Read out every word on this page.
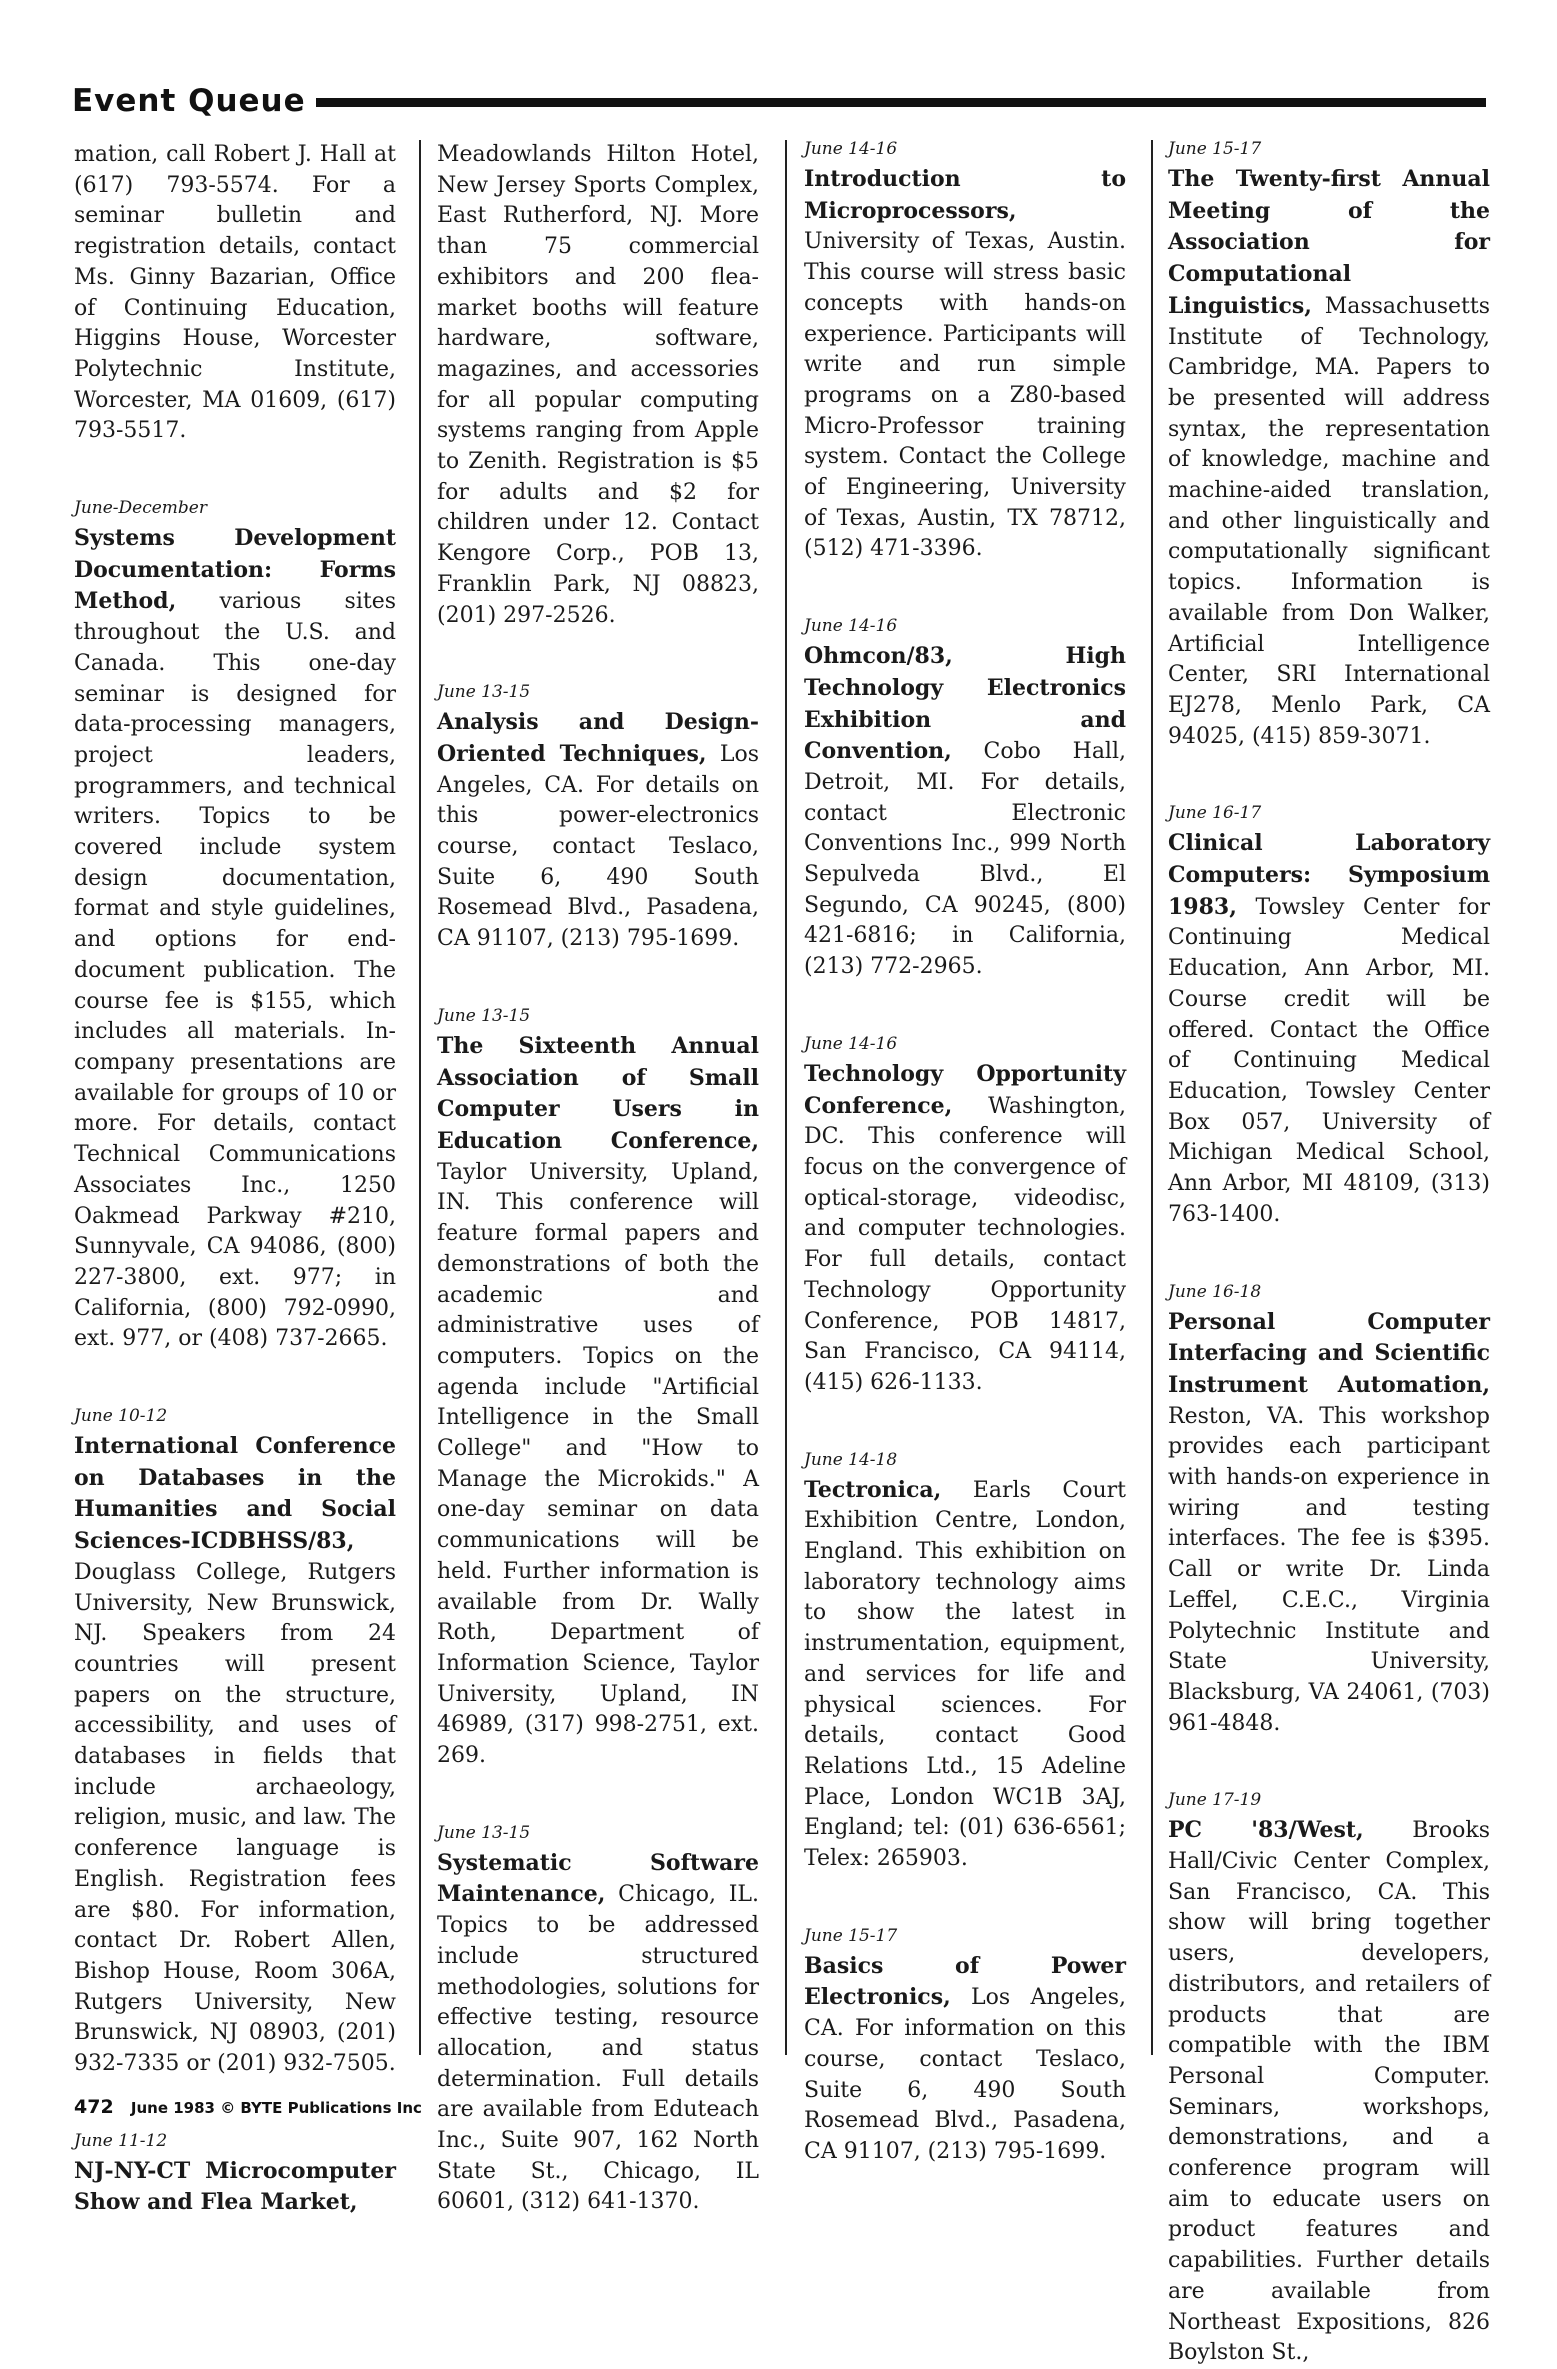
Event Queue

mation, call Robert J. Hall at (617) 793-5574. For a seminar bulletin and registration details, contact Ms. Ginny Bazarian, Office of Continuing Education, Higgins House, Worcester Polytechnic Institute, Worcester, MA 01609, (617) 793-5517.

June-December

Systems Development Documentation: Forms Method, various sites throughout the U.S. and Canada. This one-day seminar is designed for data-processing managers, project leaders, programmers, and technical writers. Topics to be covered include system design documentation, format and style guidelines, and options for end-document publication. The course fee is $155, which includes all materials. In-company presentations are available for groups of 10 or more. For details, contact Technical Communications Associates Inc., 1250 Oakmead Parkway #210, Sunnyvale, CA 94086, (800) 227-3800, ext. 977; in California, (800) 792-0990, ext. 977, or (408) 737-2665.

June 10-12

International Conference on Databases in the Humanities and Social Sciences-ICDBHSS/83, Douglass College, Rutgers University, New Brunswick, NJ. Speakers from 24 countries will present papers on the structure, accessibility, and uses of databases in fields that include archaeology, religion, music, and law. The conference language is English. Registration fees are $80. For information, contact Dr. Robert Allen, Bishop House, Room 306A, Rutgers University, New Brunswick, NJ 08903, (201) 932-7335 or (201) 932-7505.

June 11-12

NJ-NY-CT Microcomputer Show and Flea Market,

Meadowlands Hilton Hotel, New Jersey Sports Complex, East Rutherford, NJ. More than 75 commercial exhibitors and 200 flea-market booths will feature hardware, software, magazines, and accessories for all popular computing systems ranging from Apple to Zenith. Registration is $5 for adults and $2 for children under 12. Contact Kengore Corp., POB 13, Franklin Park, NJ 08823, (201) 297-2526.

June 13-15

Analysis and Design-Oriented Techniques, Los Angeles, CA. For details on this power-electronics course, contact Teslaco, Suite 6, 490 South Rosemead Blvd., Pasadena, CA 91107, (213) 795-1699.

June 13-15

The Sixteenth Annual Association of Small Computer Users in Education Conference, Taylor University, Upland, IN. This conference will feature formal papers and demonstrations of both the academic and administrative uses of computers. Topics on the agenda include "Artificial Intelligence in the Small College" and "How to Manage the Microkids." A one-day seminar on data communications will be held. Further information is available from Dr. Wally Roth, Department of Information Science, Taylor University, Upland, IN 46989, (317) 998-2751, ext. 269.

June 13-15

Systematic Software Maintenance, Chicago, IL. Topics to be addressed include structured methodologies, solutions for effective testing, resource allocation, and status determination. Full details are available from Eduteach Inc., Suite 907, 162 North State St., Chicago, IL 60601, (312) 641-1370.

June 14-16

Introduction to Microprocessors, University of Texas, Austin. This course will stress basic concepts with hands-on experience. Participants will write and run simple programs on a Z80-based Micro-Professor training system. Contact the College of Engineering, University of Texas, Austin, TX 78712, (512) 471-3396.

June 14-16

Ohmcon/83, High Technology Electronics Exhibition and Convention, Cobo Hall, Detroit, MI. For details, contact Electronic Conventions Inc., 999 North Sepulveda Blvd., El Segundo, CA 90245, (800) 421-6816; in California, (213) 772-2965.

June 14-16

Technology Opportunity Conference, Washington, DC. This conference will focus on the convergence of optical-storage, videodisc, and computer technologies. For full details, contact Technology Opportunity Conference, POB 14817, San Francisco, CA 94114, (415) 626-1133.

June 14-18

Tectronica, Earls Court Exhibition Centre, London, England. This exhibition on laboratory technology aims to show the latest in instrumentation, equipment, and services for life and physical sciences. For details, contact Good Relations Ltd., 15 Adeline Place, London WC1B 3AJ, England; tel: (01) 636-6561; Telex: 265903.

June 15-17

Basics of Power Electronics, Los Angeles, CA. For information on this course, contact Teslaco, Suite 6, 490 South Rosemead Blvd., Pasadena, CA 91107, (213) 795-1699.

June 15-17

The Twenty-first Annual Meeting of the Association for Computational Linguistics, Massachusetts Institute of Technology, Cambridge, MA. Papers to be presented will address syntax, the representation of knowledge, machine and machine-aided translation, and other linguistically and computationally significant topics. Information is available from Don Walker, Artificial Intelligence Center, SRI International EJ278, Menlo Park, CA 94025, (415) 859-3071.

June 16-17

Clinical Laboratory Computers: Symposium 1983, Towsley Center for Continuing Medical Education, Ann Arbor, MI. Course credit will be offered. Contact the Office of Continuing Medical Education, Towsley Center Box 057, University of Michigan Medical School, Ann Arbor, MI 48109, (313) 763-1400.

June 16-18

Personal Computer Interfacing and Scientific Instrument Automation, Reston, VA. This workshop provides each participant with hands-on experience in wiring and testing interfaces. The fee is $395. Call or write Dr. Linda Leffel, C.E.C., Virginia Polytechnic Institute and State University, Blacksburg, VA 24061, (703) 961-4848.

June 17-19

PC '83/West, Brooks Hall/Civic Center Complex, San Francisco, CA. This show will bring together users, developers, distributors, and retailers of products that are compatible with the IBM Personal Computer. Seminars, workshops, demonstrations, and a conference program will aim to educate users on product features and capabilities. Further details are available from Northeast Expositions, 826 Boylston St.,

472 June 1983 © BYTE Publications Inc
